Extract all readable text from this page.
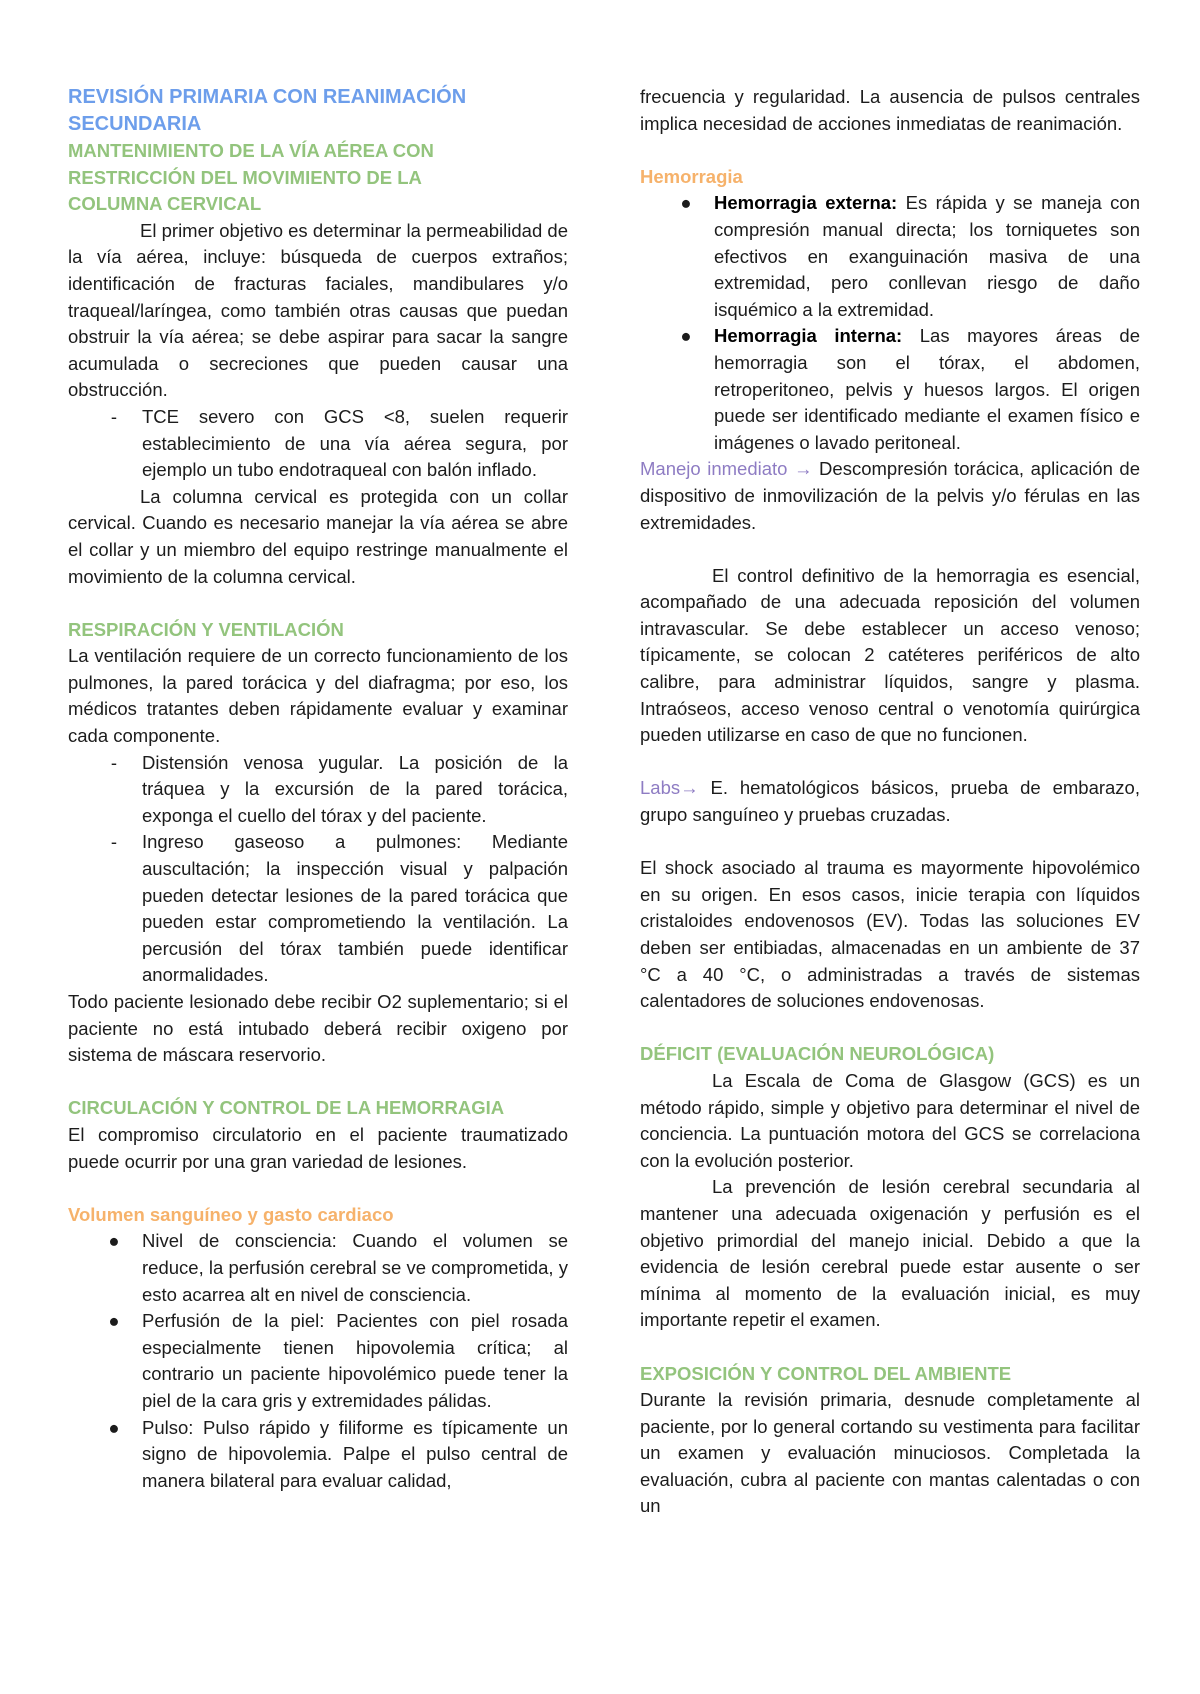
REVISIÓN PRIMARIA CON REANIMACIÓN
SECUNDARIA
MANTENIMIENTO DE LA VÍA AÉREA CON
RESTRICCIÓN DEL MOVIMIENTO DE LA
COLUMNA CERVICAL

El primer objetivo es determinar la permeabilidad de la vía aérea, incluye: búsqueda de cuerpos extraños; identificación de fracturas faciales, mandibulares y/o traqueal/laríngea, como también otras causas que puedan obstruir la vía aérea; se debe aspirar para sacar la sangre acumulada o secreciones que pueden causar una obstrucción.

-	TCE severo con GCS <8, suelen requerir establecimiento de una vía aérea segura, por ejemplo un tubo endotraqueal con balón inflado.

La columna cervical es protegida con un collar cervical. Cuando es necesario manejar la vía aérea se abre el collar y un miembro del equipo restringe manualmente el movimiento de la columna cervical.

RESPIRACIÓN Y VENTILACIÓN

La ventilación requiere de un correcto funcionamiento de los pulmones, la pared torácica y del diafragma; por eso, los médicos tratantes deben rápidamente evaluar y examinar cada componente.

-	Distensión venosa yugular. La posición de la tráquea y la excursión de la pared torácica, exponga el cuello del tórax y del paciente.
-	Ingreso gaseoso a pulmones: Mediante auscultación; la inspección visual y palpación pueden detectar lesiones de la pared torácica que pueden estar comprometiendo la ventilación. La percusión del tórax también puede identificar anormalidades.

Todo paciente lesionado debe recibir O2 suplementario; si el paciente no está intubado deberá recibir oxigeno por sistema de máscara reservorio.

CIRCULACIÓN Y CONTROL DE LA HEMORRAGIA

El compromiso circulatorio en el paciente traumatizado puede ocurrir por una gran variedad de lesiones.

Volumen sanguíneo y gasto cardiaco
● Nivel de consciencia: Cuando el volumen se reduce, la perfusión cerebral se ve comprometida, y esto acarrea alt en nivel de consciencia.
● Perfusión de la piel: Pacientes con piel rosada especialmente tienen hipovolemia crítica; al contrario un paciente hipovolémico puede tener la piel de la cara gris y extremidades pálidas.
● Pulso: Pulso rápido y filiforme es típicamente un signo de hipovolemia. Palpe el pulso central de manera bilateral para evaluar calidad,
frecuencia y regularidad. La ausencia de pulsos centrales implica necesidad de acciones inmediatas de reanimación.
Hemorragia
● Hemorragia externa: Es rápida y se maneja con compresión manual directa; los torniquetes son efectivos en exanguinación masiva de una extremidad, pero conllevan riesgo de daño isquémico a la extremidad.
● Hemorragia interna: Las mayores áreas de hemorragia son el tórax, el abdomen, retroperitoneo, pelvis y huesos largos. El origen puede ser identificado mediante el examen físico e imágenes o lavado peritoneal.

Manejo inmediato → Descompresión torácica, aplicación de dispositivo de inmovilización de la pelvis y/o férulas en las extremidades.

El control definitivo de la hemorragia es esencial, acompañado de una adecuada reposición del volumen intravascular. Se debe establecer un acceso venoso; típicamente, se colocan 2 catéteres periféricos de alto calibre, para administrar líquidos, sangre y plasma. Intraóseos, acceso venoso central o venotomía quirúrgica pueden utilizarse en caso de que no funcionen.

Labs→ E. hematológicos básicos, prueba de embarazo, grupo sanguíneo y pruebas cruzadas.

El shock asociado al trauma es mayormente hipovolémico en su origen. En esos casos, inicie terapia con líquidos cristaloides endovenosos (EV). Todas las soluciones EV deben ser entibiadas, almacenadas en un ambiente de 37 °C a 40 °C, o administradas a través de sistemas calentadores de soluciones endovenosas.

DÉFICIT (EVALUACIÓN NEUROLÓGICA)

La Escala de Coma de Glasgow (GCS) es un método rápido, simple y objetivo para determinar el nivel de conciencia. La puntuación motora del GCS se correlaciona con la evolución posterior.

La prevención de lesión cerebral secundaria al mantener una adecuada oxigenación y perfusión es el objetivo primordial del manejo inicial. Debido a que la evidencia de lesión cerebral puede estar ausente o ser mínima al momento de la evaluación inicial, es muy importante repetir el examen.

EXPOSICIÓN Y CONTROL DEL AMBIENTE

Durante la revisión primaria, desnude completamente al paciente, por lo general cortando su vestimenta para facilitar un examen y evaluación minuciosos. Completada la evaluación, cubra al paciente con mantas calentadas o con un
